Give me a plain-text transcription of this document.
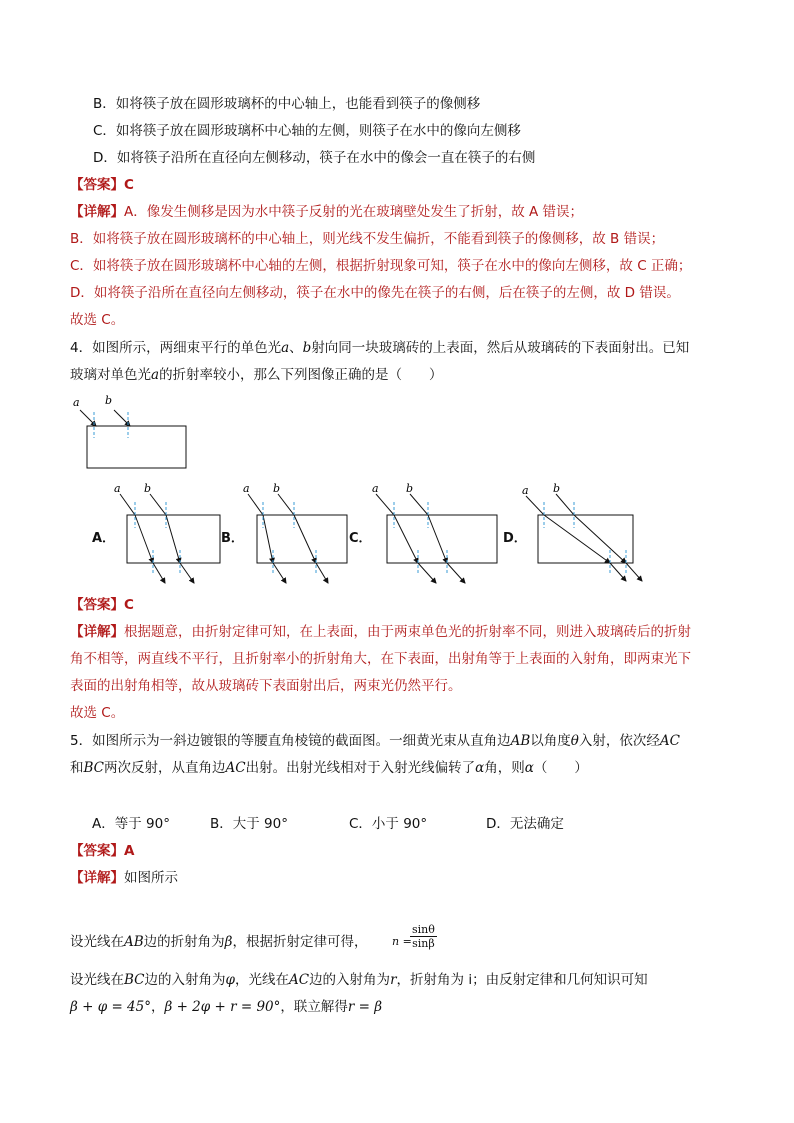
B．如将筷子放在圆形玻璃杯的中心轴上，也能看到筷子的像侧移
C．如将筷子放在圆形玻璃杯中心轴的左侧，则筷子在水中的像向左侧移
D．如将筷子沿所在直径向左侧移动，筷子在水中的像会一直在筷子的右侧
【答案】C
【详解】A．像发生侧移是因为水中筷子反射的光在玻璃壁处发生了折射，故 A 错误；
B．如将筷子放在圆形玻璃杯的中心轴上，则光线不发生偏折，不能看到筷子的像侧移，故 B 错误；
C．如将筷子放在圆形玻璃杯中心轴的左侧，根据折射现象可知，筷子在水中的像向左侧移，故 C 正确；
D．如将筷子沿所在直径向左侧移动，筷子在水中的像先在筷子的右侧，后在筷子的左侧，故 D 错误。
故选 C。
4．如图所示，两细束平行的单色光a、b射向同一块玻璃砖的上表面，然后从玻璃砖的下表面射出。已知
玻璃对单色光a的折射率较小，那么下列图像正确的是（　　）
a b
A．
a b
B．
a b
C．
a b
D．
a b
【答案】C
【详解】根据题意，由折射定律可知，在上表面，由于两束单色光的折射率不同，则进入玻璃砖后的折射
角不相等，两直线不平行，且折射率小的折射角大，在下表面，出射角等于上表面的入射角，即两束光下
表面的出射角相等，故从玻璃砖下表面射出后，两束光仍然平行。
故选 C。
5．如图所示为一斜边镀银的等腰直角棱镜的截面图。一细黄光束从直角边AB以角度θ入射，依次经AC
和BC两次反射，从直角边AC出射。出射光线相对于入射光线偏转了α角，则α（　　）
A．等于 90°	B．大于 90°	C．小于 90°	D．无法确定
【答案】A
【详解】如图所示
设光线在AB边的折射角为β，根据折射定律可得， n =
$\frac{\sin\theta}{\sin\beta}$
设光线在BC边的入射角为φ，光线在AC边的入射角为r，折射角为 i；由反射定律和几何知识可知
β + φ = 45°，β + 2φ + r = 90°，联立解得r = β
